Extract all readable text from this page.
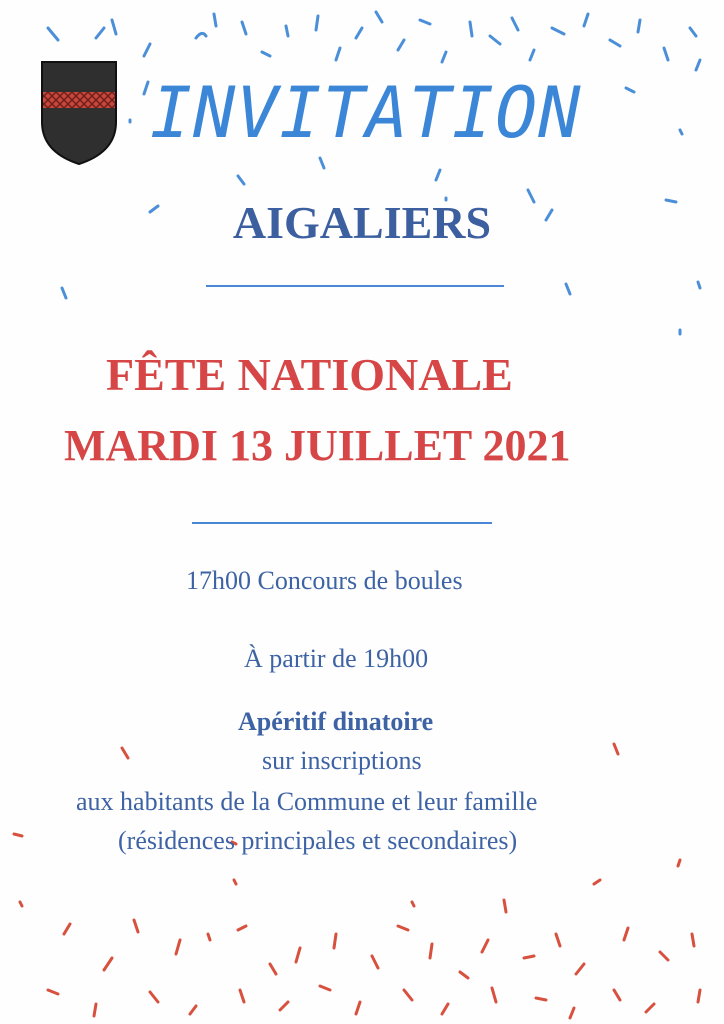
INVITATION

AIGALIERS

FÊTE NATIONALE

MARDI 13 JUILLET 2021

17h00 Concours de boules

À partir de 19h00

Apéritif dinatoire

sur inscriptions

aux habitants de la Commune et leur famille

(résidences principales et secondaires)
